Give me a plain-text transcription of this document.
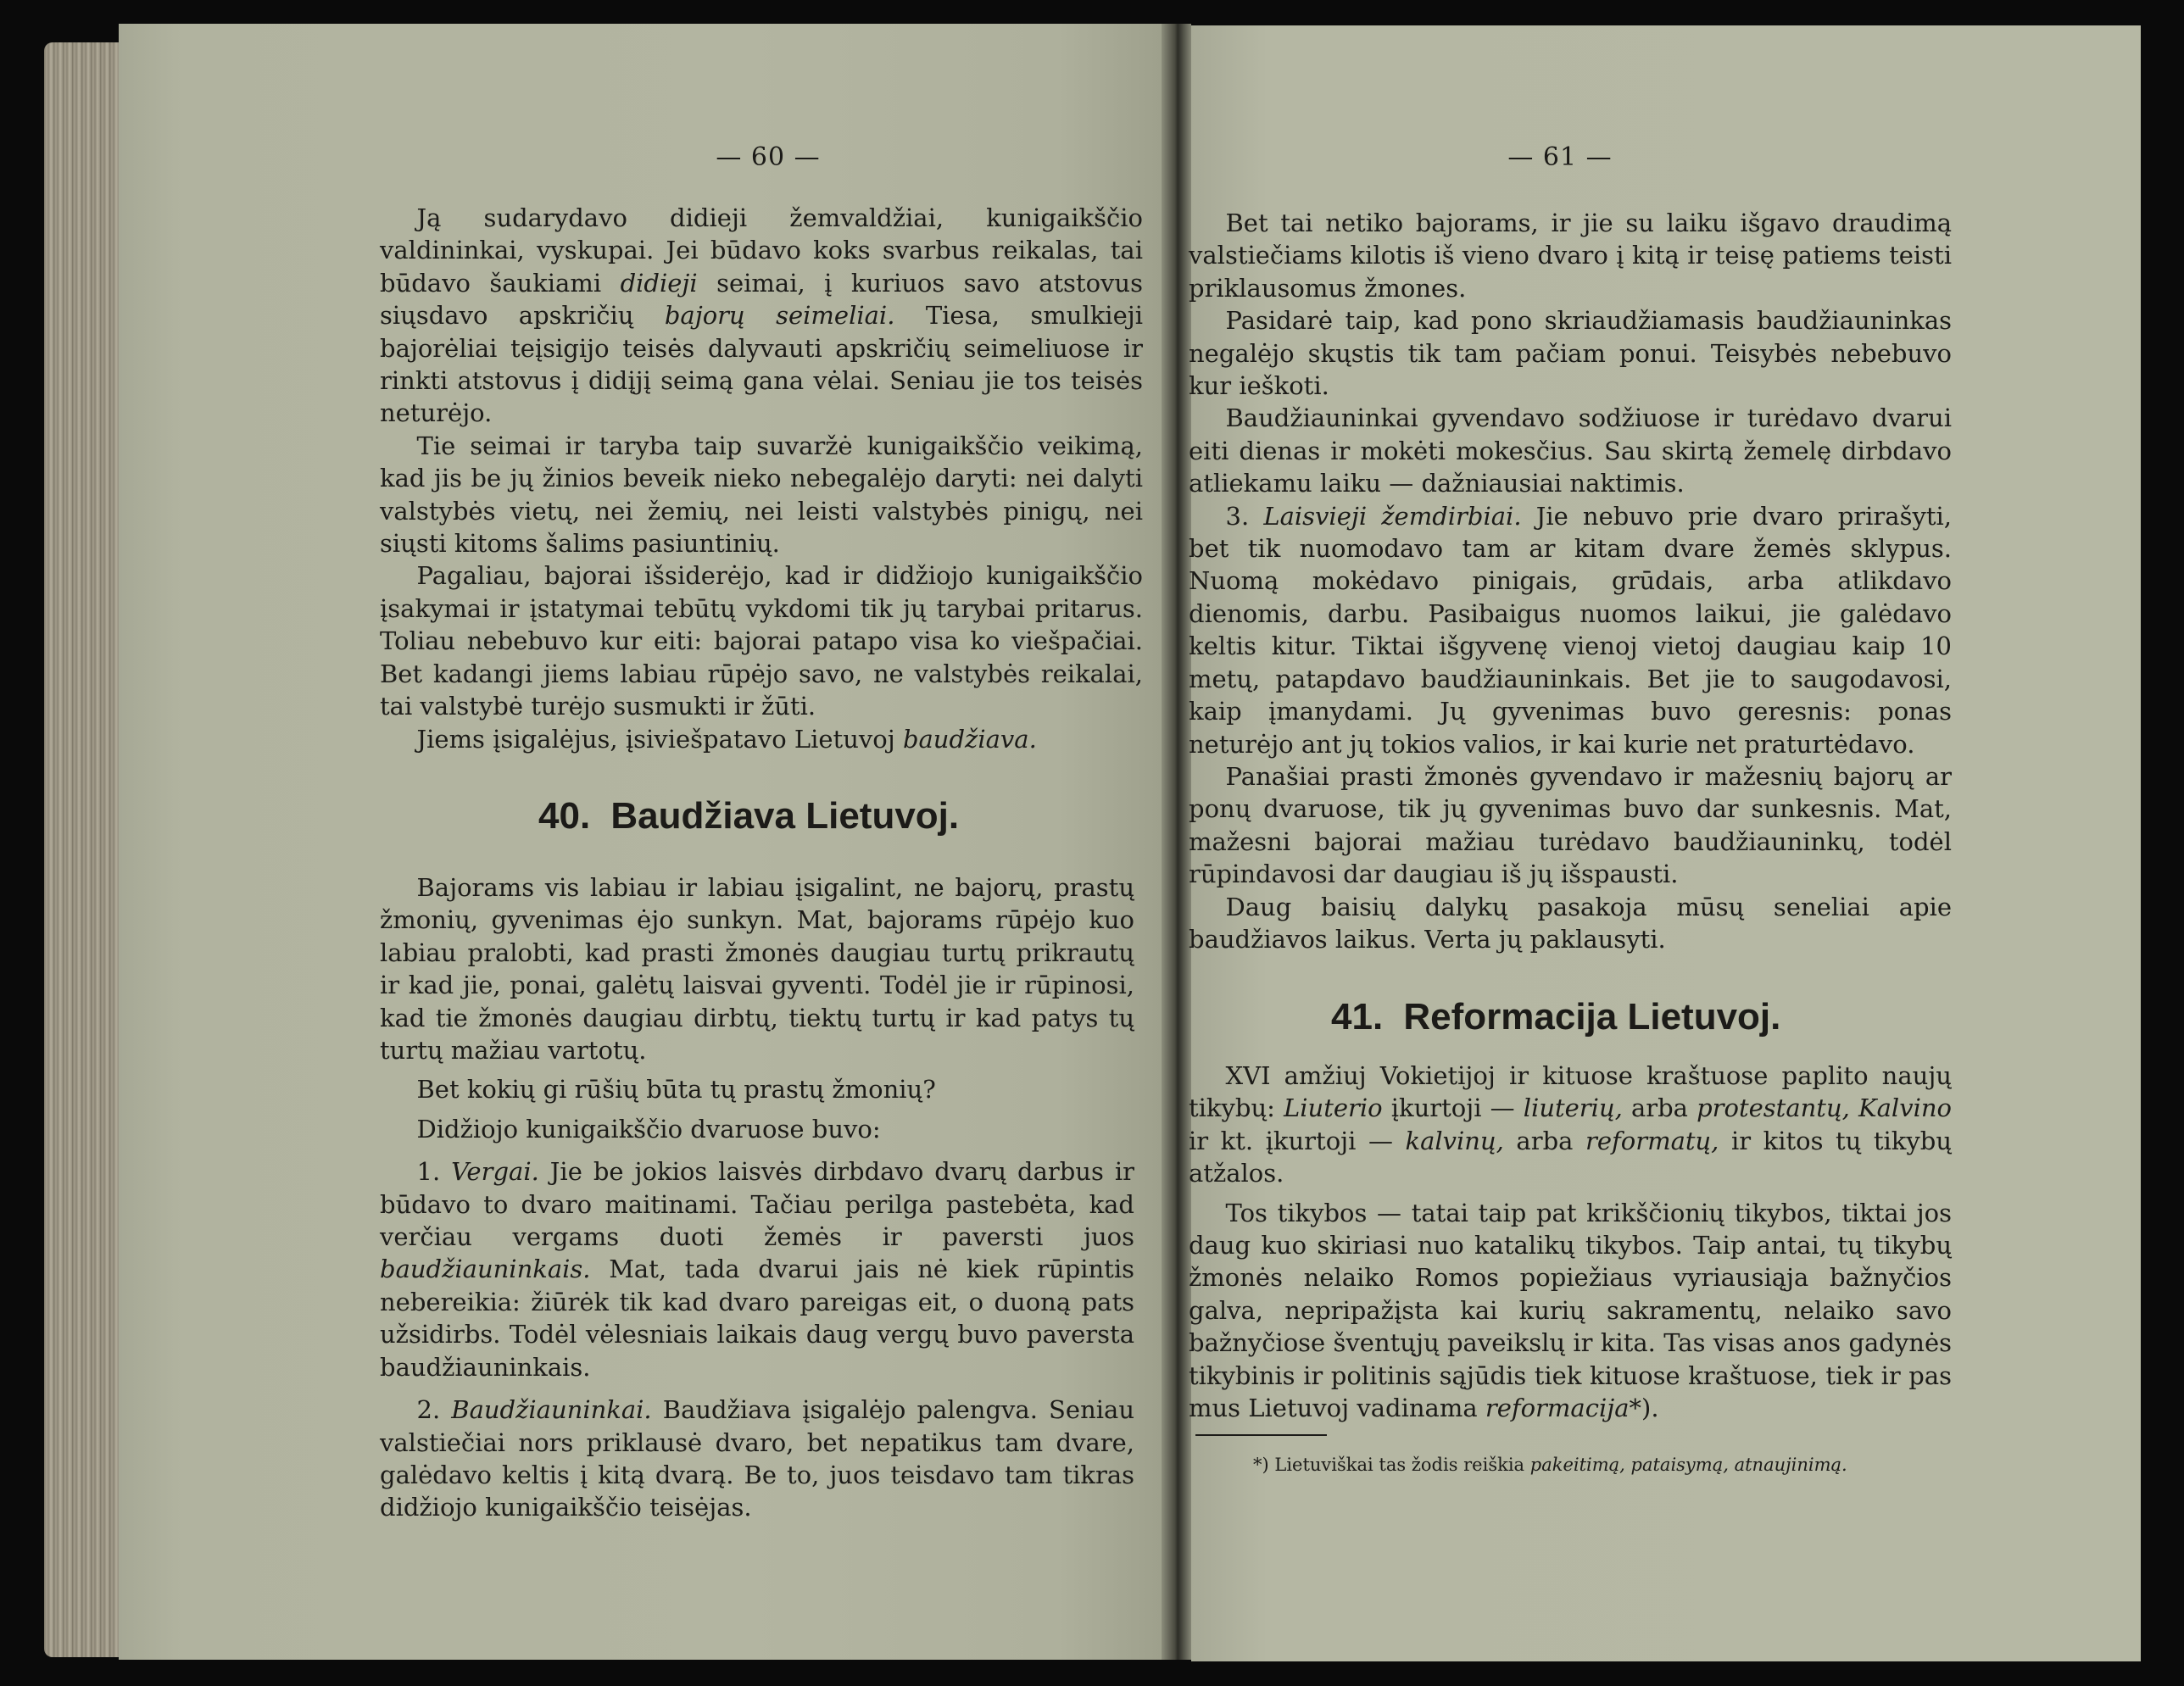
— 60 —

Ją sudarydavo didieji žemvaldžiai, kunigaikščio valdininkai, vyskupai. Jei būdavo koks svarbus reikalas, tai būdavo šaukiami didieji seimai, į kuriuos savo atstovus siųsdavo apskričių bajorų seimeliai. Tiesa, smulkieji bajorėliai teįsigijo teisės dalyvauti apskričių seimeliuose ir rinkti atstovus į didįjį seimą gana vėlai. Seniau jie tos teisės neturėjo.

Tie seimai ir taryba taip suvaržė kunigaikščio veikimą, kad jis be jų žinios beveik nieko nebegalėjo daryti: nei dalyti valstybės vietų, nei žemių, nei leisti valstybės pinigų, nei siųsti kitoms šalims pasiuntinių.

Pagaliau, bajorai išsiderėjo, kad ir didžiojo kunigaikščio įsakymai ir įstatymai tebūtų vykdomi tik jų tarybai pritarus. Toliau nebebuvo kur eiti: bajorai patapo visa ko viešpačiai. Bet kadangi jiems labiau rūpėjo savo, ne valstybės reikalai, tai valstybė turėjo susmukti ir žūti.

Jiems įsigalėjus, įsiviešpatavo Lietuvoj baudžiava.

40. Baudžiava Lietuvoj.

Bajorams vis labiau ir labiau įsigalint, ne bajorų, prastų žmonių, gyvenimas ėjo sunkyn. Mat, bajorams rūpėjo kuo labiau pralobti, kad prasti žmonės daugiau turtų prikrautų ir kad jie, ponai, galėtų laisvai gyventi. Todėl jie ir rūpinosi, kad tie žmonės daugiau dirbtų, tiektų turtų ir kad patys tų turtų mažiau vartotų.

Bet kokių gi rūšių būta tų prastų žmonių?

Didžiojo kunigaikščio dvaruose buvo:

1. Vergai. Jie be jokios laisvės dirbdavo dvarų darbus ir būdavo to dvaro maitinami. Tačiau perilga pastebėta, kad verčiau vergams duoti žemės ir paversti juos baudžiauninkais. Mat, tada dvarui jais nė kiek rūpintis nebereikia: žiūrėk tik kad dvaro pareigas eit, o duoną pats užsidirbs. Todėl vėlesniais laikais daug vergų buvo paversta baudžiauninkais.

2. Baudžiauninkai. Baudžiava įsigalėjo palengva. Seniau valstiečiai nors priklausė dvaro, bet nepatikus tam dvare, galėdavo keltis į kitą dvarą. Be to, juos teisdavo tam tikras didžiojo kunigaikščio teisėjas.

— 61 —

Bet tai netiko bajorams, ir jie su laiku išgavo draudimą valstiečiams kilotis iš vieno dvaro į kitą ir teisę patiems teisti priklausomus žmones.

Pasidarė taip, kad pono skriaudžiamasis baudžiauninkas negalėjo skųstis tik tam pačiam ponui. Teisybės nebebuvo kur ieškoti.

Baudžiauninkai gyvendavo sodžiuose ir turėdavo dvarui eiti dienas ir mokėti mokesčius. Sau skirtą žemelę dirbdavo atliekamu laiku — dažniausiai naktimis.

3. Laisvieji žemdirbiai. Jie nebuvo prie dvaro prirašyti, bet tik nuomodavo tam ar kitam dvare žemės sklypus. Nuomą mokėdavo pinigais, grūdais, arba atlikdavo dienomis, darbu. Pasibaigus nuomos laikui, jie galėdavo keltis kitur. Tiktai išgyvenę vienoj vietoj daugiau kaip 10 metų, patapdavo baudžiauninkais. Bet jie to saugodavosi, kaip įmanydami. Jų gyvenimas buvo geresnis: ponas neturėjo ant jų tokios valios, ir kai kurie net praturtėdavo.

Panašiai prasti žmonės gyvendavo ir mažesnių bajorų ar ponų dvaruose, tik jų gyvenimas buvo dar sunkesnis. Mat, mažesni bajorai mažiau turėdavo baudžiauninkų, todėl rūpindavosi dar daugiau iš jų išspausti.

Daug baisių dalykų pasakoja mūsų seneliai apie baudžiavos laikus. Verta jų paklausyti.

41. Reformacija Lietuvoj.

XVI amžiuj Vokietijoj ir kituose kraštuose paplito naujų tikybų: Liuterio įkurtoji — liuterių, arba protestantų, Kalvino ir kt. įkurtoji — kalvinų, arba reformatų, ir kitos tų tikybų atžalos.

Tos tikybos — tatai taip pat krikščionių tikybos, tiktai jos daug kuo skiriasi nuo katalikų tikybos. Taip antai, tų tikybų žmonės nelaiko Romos popiežiaus vyriausiąja bažnyčios galva, nepripažįsta kai kurių sakramentų, nelaiko savo bažnyčiose šventųjų paveikslų ir kita. Tas visas anos gadynės tikybinis ir politinis sąjūdis tiek kituose kraštuose, tiek ir pas mus Lietuvoj vadinama reformacija*).

*) Lietuviškai tas žodis reiškia pakeitimą, pataisymą, atnaujinimą.
